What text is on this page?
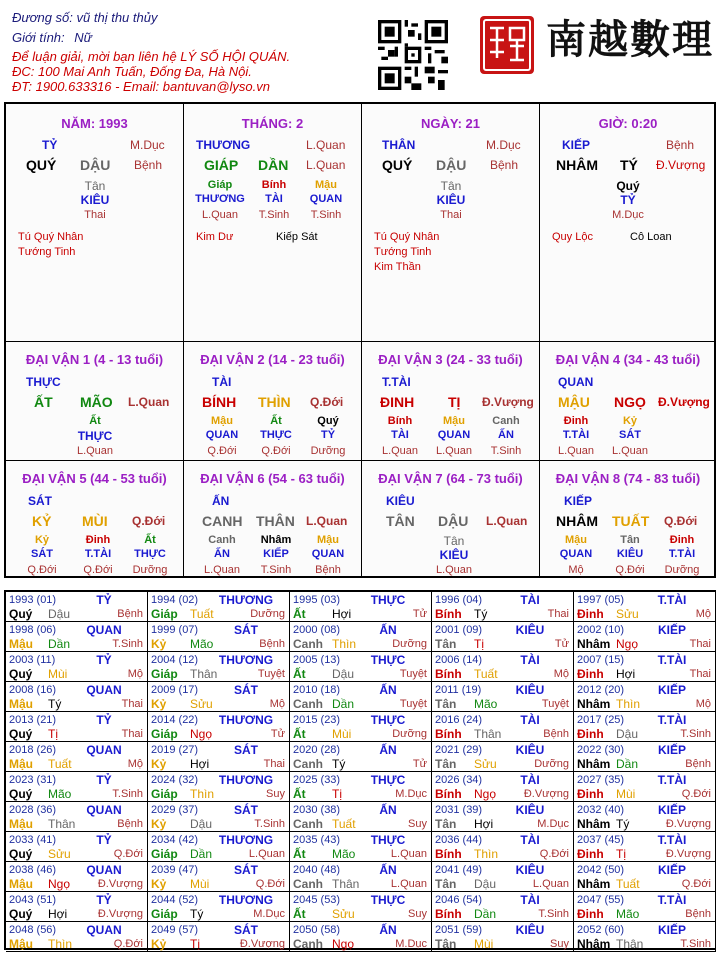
Đương số: vũ thị thu thủy
Giới tính: Nữ
Để luận giải, mời bạn liên hệ LÝ SỐ HỘI QUÁN.
ĐC: 100 Mai Anh Tuấn, Đống Đa, Hà Nội.
ĐT: 1900.633316 - Email: bantuvan@lyso.vn
南越數理
NĂM: 1993
TỶ	M.Dục
QUÝ DẬU Bệnh
Tân
KIÊU
Thai
Tú Quý Nhân
Tướng Tinh
THÁNG: 2
THƯƠNG	L.Quan
GIÁP DẦN L.Quan
Giáp
THƯƠNG
L.Quan
Bính
TÀI
T.Sinh
Mậu
QUAN
T.Sinh
Kim Dư	Kiếp Sát
NGÀY: 21
THÂN	M.Dục
QUÝ DẬU Bệnh
Tân
KIÊU
Thai
Tú Quý Nhân
Tướng Tinh
Kim Thần
GIỜ: 0:20
KIẾP	Bệnh
NHÂM TÝ Đ.Vượng
Quý
TỶ
M.Dục
Quy Lộc	Cô Loan
ĐẠI VẬN 1 (4 - 13 tuổi)
THỰC
ẤT MÃO L.Quan
Ất
THỰC
L.Quan
ĐẠI VẬN 2 (14 - 23 tuổi)
TÀI
BÍNH THÌN Q.Đới
Mậu
QUAN
Q.Đới
Ất
THỰC
Q.Đới
Quý
TỶ
Dưỡng
ĐẠI VẬN 3 (24 - 33 tuổi)
T.TÀI
ĐINH TỊ Đ.Vượng
Bính
TÀI
L.Quan
Mậu
QUAN
L.Quan
Canh
ẤN
T.Sinh
ĐẠI VẬN 4 (34 - 43 tuổi)
QUAN
MẬU NGỌ Đ.Vượng
Đinh
T.TÀI
L.Quan
Kỷ
SÁT
L.Quan
ĐẠI VẬN 5 (44 - 53 tuổi)
SÁT
KỶ MÙI Q.Đới
Kỷ
SÁT
Q.Đới
Đinh
T.TÀI
Q.Đới
Ất
THỰC
Dưỡng
ĐẠI VẬN 6 (54 - 63 tuổi)
ẤN
CANH THÂN L.Quan
Canh
ẤN
L.Quan
Nhâm
KIẾP
T.Sinh
Mậu
QUAN
Bệnh
ĐẠI VẬN 7 (64 - 73 tuổi)
KIÊU
TÂN DẬU L.Quan
Tân
KIÊU
L.Quan
ĐẠI VẬN 8 (74 - 83 tuổi)
KIẾP
NHÂM TUẤT Q.Đới
Mậu
QUAN
Mộ
Tân
KIÊU
Q.Đới
Đinh
T.TÀI
Dưỡng
1993 (01)	TỶ
Quý Dậu	Bệnh
1994 (02)	THƯƠNG
Giáp Tuất	Dưỡng
1995 (03)	THỰC
Ất Hợi	Tử
1996 (04)	TÀI
Bính Tý	Thai
1997 (05)	T.TÀI
Đinh Sửu	Mộ
1998 (06)	QUAN
Mậu Dần	T.Sinh
1999 (07)	SÁT
Kỷ Mão	Bệnh
2000 (08)	ẤN
Canh Thìn	Dưỡng
2001 (09)	KIÊU
Tân Tị	Tử
2002 (10)	KIẾP
Nhâm Ngọ	Thai
2003 (11)	TỶ
Quý Mùi	Mộ
2004 (12)	THƯƠNG
Giáp Thân	Tuyệt
2005 (13)	THỰC
Ất Dậu	Tuyệt
2006 (14)	TÀI
Bính Tuất	Mộ
2007 (15)	T.TÀI
Đinh Hợi	Thai
2008 (16)	QUAN
Mậu Tý	Thai
2009 (17)	SÁT
Kỷ Sửu	Mộ
2010 (18)	ẤN
Canh Dần	Tuyệt
2011 (19)	KIÊU
Tân Mão	Tuyệt
2012 (20)	KIẾP
Nhâm Thìn	Mộ
2013 (21)	TỶ
Quý Tị	Thai
2014 (22)	THƯƠNG
Giáp Ngọ	Tử
2015 (23)	THỰC
Ất Mùi	Dưỡng
2016 (24)	TÀI
Bính Thân	Bệnh
2017 (25)	T.TÀI
Đinh Dậu	T.Sinh
2018 (26)	QUAN
Mậu Tuất	Mộ
2019 (27)	SÁT
Kỷ Hợi	Thai
2020 (28)	ẤN
Canh Tý	Tử
2021 (29)	KIÊU
Tân Sửu	Dưỡng
2022 (30)	KIẾP
Nhâm Dần	Bệnh
2023 (31)	TỶ
Quý Mão	T.Sinh
2024 (32)	THƯƠNG
Giáp Thìn	Suy
2025 (33)	THỰC
Ất Tị	M.Dục
2026 (34)	TÀI
Bính Ngọ	Đ.Vượng
2027 (35)	T.TÀI
Đinh Mùi	Q.Đới
2028 (36)	QUAN
Mậu Thân	Bệnh
2029 (37)	SÁT
Kỷ Dậu	T.Sinh
2030 (38)	ẤN
Canh Tuất	Suy
2031 (39)	KIÊU
Tân Hợi	M.Dục
2032 (40)	KIẾP
Nhâm Tý	Đ.Vượng
2033 (41)	TỶ
Quý Sửu	Q.Đới
2034 (42)	THƯƠNG
Giáp Dần	L.Quan
2035 (43)	THỰC
Ất Mão	L.Quan
2036 (44)	TÀI
Bính Thìn	Q.Đới
2037 (45)	T.TÀI
Đinh Tị	Đ.Vượng
2038 (46)	QUAN
Mậu Ngọ	Đ.Vượng
2039 (47)	SÁT
Kỷ Mùi	Q.Đới
2040 (48)	ẤN
Canh Thân	L.Quan
2041 (49)	KIÊU
Tân Dậu	L.Quan
2042 (50)	KIẾP
Nhâm Tuất	Q.Đới
2043 (51)	TỶ
Quý Hợi	Đ.Vượng
2044 (52)	THƯƠNG
Giáp Tý	M.Dục
2045 (53)	THỰC
Ất Sửu	Suy
2046 (54)	TÀI
Bính Dần	T.Sinh
2047 (55)	T.TÀI
Đinh Mão	Bệnh
2048 (56)	QUAN
Mậu Thìn	Q.Đới
2049 (57)	SÁT
Kỷ Tị	Đ.Vượng
2050 (58)	ẤN
Canh Ngọ	M.Dục
2051 (59)	KIÊU
Tân Mùi	Suy
2052 (60)	KIẾP
Nhâm Thân	T.Sinh
